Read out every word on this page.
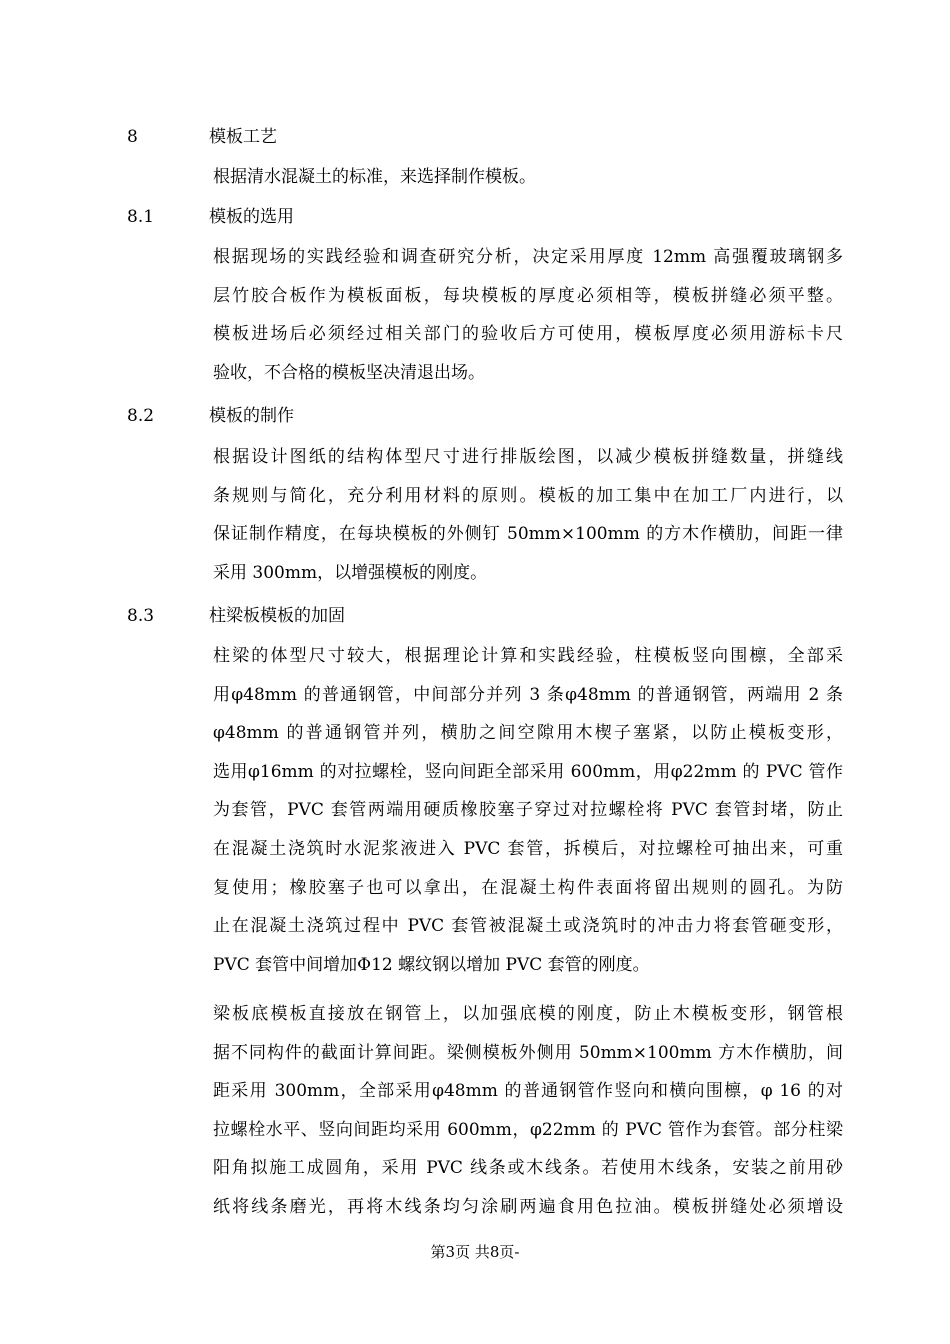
8	模板工艺
根据清水混凝土的标准，来选择制作模板。
8.1	模板的选用
根据现场的实践经验和调查研究分析，决定采用厚度 12mm 高强覆玻璃钢多
层竹胶合板作为模板面板，每块模板的厚度必须相等，模板拼缝必须平整。
模板进场后必须经过相关部门的验收后方可使用，模板厚度必须用游标卡尺
验收，不合格的模板坚决清退出场。
8.2	模板的制作
根据设计图纸的结构体型尺寸进行排版绘图，以减少模板拼缝数量，拼缝线
条规则与简化，充分利用材料的原则。模板的加工集中在加工厂内进行，以
保证制作精度，在每块模板的外侧钉 50mm×100mm 的方木作横肋，间距一律
采用 300mm，以增强模板的刚度。
8.3	柱梁板模板的加固
柱梁的体型尺寸较大，根据理论计算和实践经验，柱模板竖向围檩，全部采
用φ48mm 的普通钢管，中间部分并列 3 条φ48mm 的普通钢管，两端用 2 条
φ48mm 的普通钢管并列，横肋之间空隙用木楔子塞紧，以防止模板变形，
选用φ16mm 的对拉螺栓，竖向间距全部采用 600mm，用φ22mm 的 PVC 管作
为套管，PVC 套管两端用硬质橡胶塞子穿过对拉螺栓将 PVC 套管封堵，防止
在混凝土浇筑时水泥浆液进入 PVC 套管，拆模后，对拉螺栓可抽出来，可重
复使用；橡胶塞子也可以拿出，在混凝土构件表面将留出规则的圆孔。为防
止在混凝土浇筑过程中 PVC 套管被混凝土或浇筑时的冲击力将套管砸变形，
PVC 套管中间增加Φ12 螺纹钢以增加 PVC 套管的刚度。
梁板底模板直接放在钢管上，以加强底模的刚度，防止木模板变形，钢管根
据不同构件的截面计算间距。梁侧模板外侧用 50mm×100mm 方木作横肋，间
距采用 300mm，全部采用φ48mm 的普通钢管作竖向和横向围檩，φ 16 的对
拉螺栓水平、竖向间距均采用 600mm，φ22mm 的 PVC 管作为套管。部分柱梁
阳角拟施工成圆角，采用 PVC 线条或木线条。若使用木线条，安装之前用砂
纸将线条磨光，再将木线条均匀涂刷两遍食用色拉油。模板拼缝处必须增设
第3页 共8页-
